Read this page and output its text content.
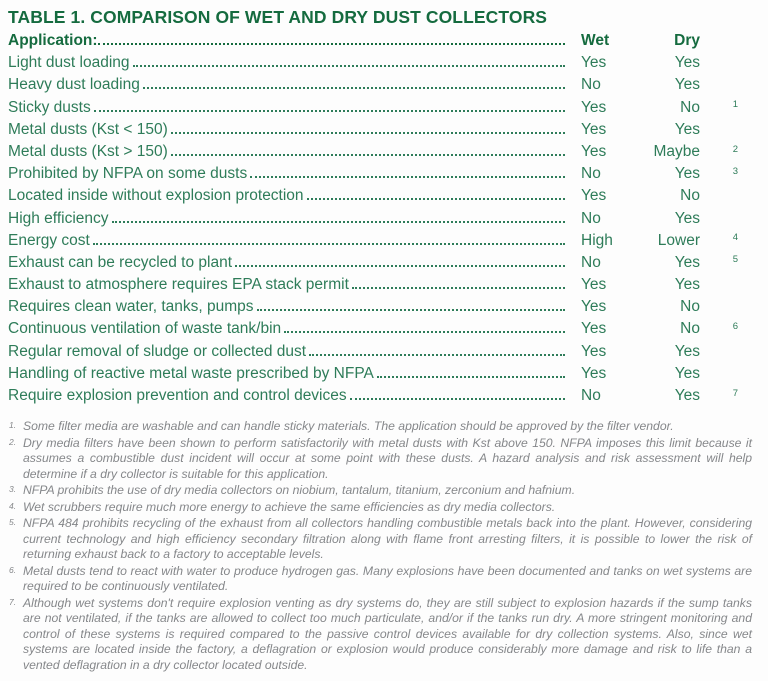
TABLE 1. COMPARISON OF WET AND DRY DUST COLLECTORS
Application:	Wet	Dry
Light dust loading	Yes	Yes
Heavy dust loading	No	Yes
Sticky dusts	Yes	No	1
Metal dusts (Kst < 150)	Yes	Yes
Metal dusts (Kst > 150)	Yes	Maybe	2
Prohibited by NFPA on some dusts	No	Yes	3
Located inside without explosion protection	Yes	No
High efficiency	No	Yes
Energy cost	High	Lower	4
Exhaust can be recycled to plant	No	Yes	5
Exhaust to atmosphere requires EPA stack permit	Yes	Yes
Requires clean water, tanks, pumps	Yes	No
Continuous ventilation of waste tank/bin	Yes	No	6
Regular removal of sludge or collected dust	Yes	Yes
Handling of reactive metal waste prescribed by NFPA	Yes	Yes
Require explosion prevention and control devices	No	Yes	7

1. Some filter media are washable and can handle sticky materials. The application should be approved by the filter vendor.

2. Dry media filters have been shown to perform satisfactorily with metal dusts with Kst above 150. NFPA imposes this limit because it assumes a combustible dust incident will occur at some point with these dusts. A hazard analysis and risk assessment will help determine if a dry collector is suitable for this application.

3. NFPA prohibits the use of dry media collectors on niobium, tantalum, titanium, zerconium and hafnium.

4. Wet scrubbers require much more energy to achieve the same efficiencies as dry media collectors.

5. NFPA 484 prohibits recycling of the exhaust from all collectors handling combustible metals back into the plant. However, considering current technology and high efficiency secondary filtration along with flame front arresting filters, it is possible to lower the risk of returning exhaust back to a factory to acceptable levels.

6. Metal dusts tend to react with water to produce hydrogen gas. Many explosions have been documented and tanks on wet systems are required to be continuously ventilated.

7. Although wet systems don't require explosion venting as dry systems do, they are still subject to explosion hazards if the sump tanks are not ventilated, if the tanks are allowed to collect too much particulate, and/or if the tanks run dry. A more stringent monitoring and control of these systems is required compared to the passive control devices available for dry collection systems. Also, since wet systems are located inside the factory, a deflagration or explosion would produce considerably more damage and risk to life than a vented deflagration in a dry collector located outside.
